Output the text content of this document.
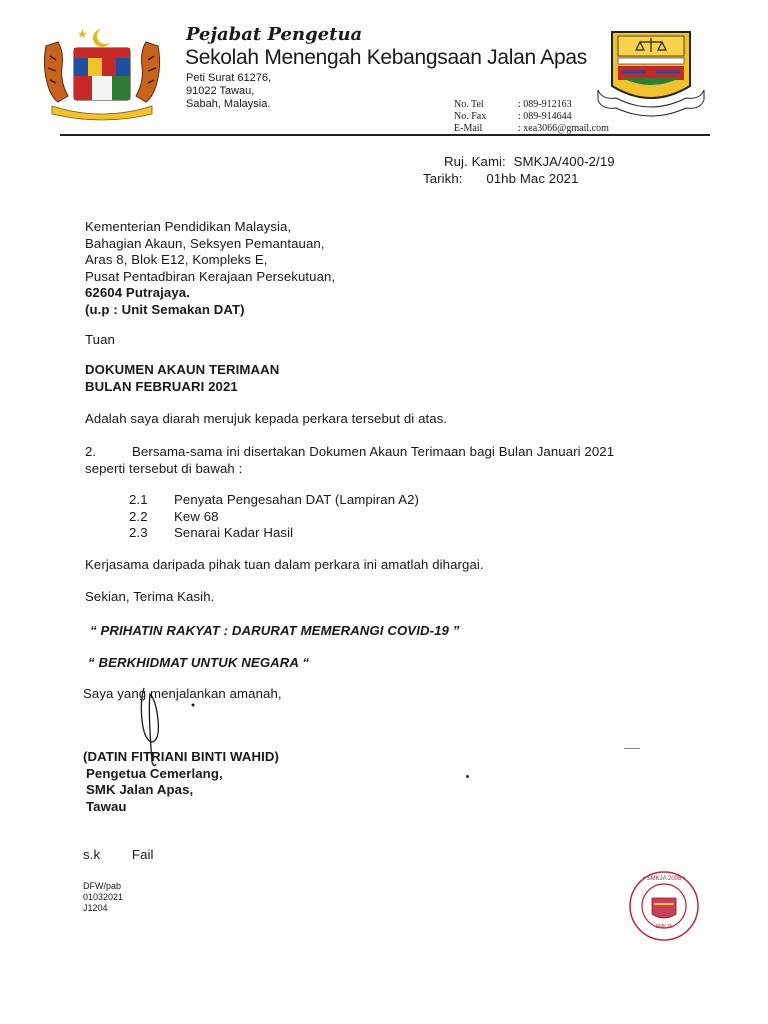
Pejabat Pengetua
Sekolah Menengah Kebangsaan Jalan Apas
Peti Surat 61276,
91022 Tawau,
Sabah, Malaysia.	No. Tel	: 089-912163
No. Fax	: 089-914644
E-Mail	: xea3066@gmail.com
Ruj. Kami: SMKJA/400-2/19
Tarikh: 01hb Mac 2021
Kementerian Pendidikan Malaysia,
Bahagian Akaun, Seksyen Pemantauan,
Aras 8, Blok E12, Kompleks E,
Pusat Pentadbiran Kerajaan Persekutuan,
62604 Putrajaya.
(u.p : Unit Semakan DAT)
Tuan
DOKUMEN AKAUN TERIMAAN
BULAN FEBRUARI 2021
Adalah saya diarah merujuk kepada perkara tersebut di atas.
2.	Bersama-sama ini disertakan Dokumen Akaun Terimaan bagi Bulan Januari 2021
seperti tersebut di bawah :
2.1	Penyata Pengesahan DAT (Lampiran A2)
2.2	Kew 68
2.3	Senarai Kadar Hasil
Kerjasama daripada pihak tuan dalam perkara ini amatlah dihargai.
Sekian, Terima Kasih.
“ PRIHATIN RAKYAT : DARURAT MEMERANGI COVID-19 ”
“ BERKHIDMAT UNTUK NEGARA “
Saya yang menjalankan amanah,
(DATIN FITRIANI BINTI WAHID)
Pengetua Cemerlang,
SMK Jalan Apas,
Tawau
s.k Fail
DFW/pab
01032021
J1204
• SMKJA 2008 •
SMKJA
